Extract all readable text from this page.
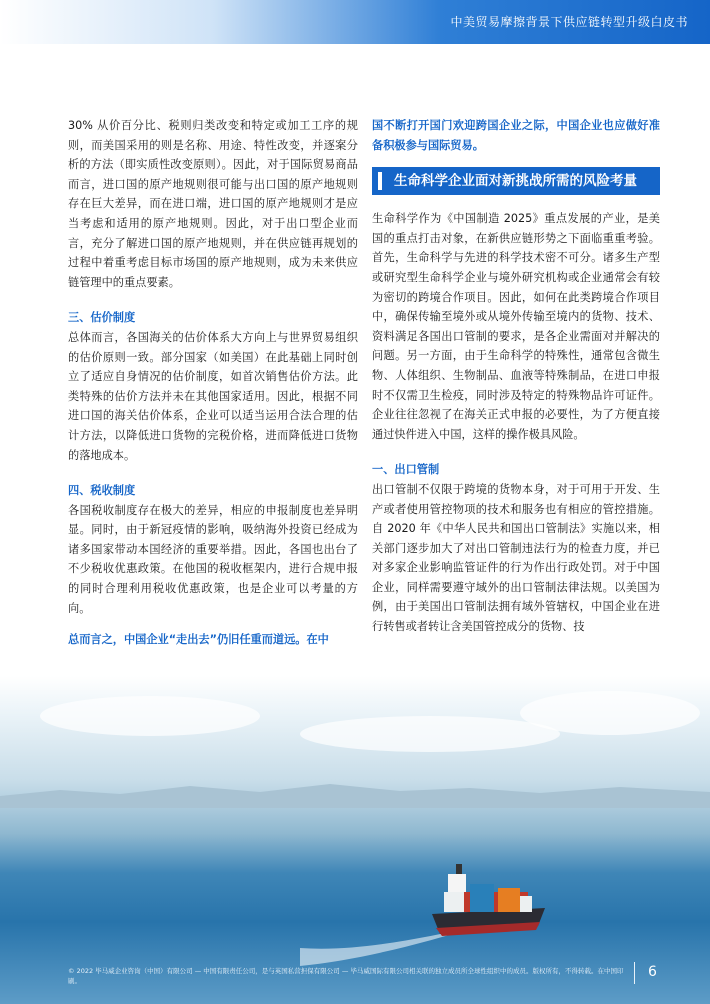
中美贸易摩擦背景下供应链转型升级白皮书

30% 从价百分比、税则归类改变和特定或加工工序的规则，而美国采用的则是名称、用途、特性改变，并逐案分析的方法（即实质性改变原则）。因此，对于国际贸易商品而言，进口国的原产地规则很可能与出口国的原产地规则存在巨大差异，而在进口端，进口国的原产地规则才是应当考虑和适用的原产地规则。因此，对于出口型企业而言，充分了解进口国的原产地规则，并在供应链再规划的过程中着重考虑目标市场国的原产地规则，成为未来供应链管理中的重点要素。

三、估价制度

总体而言，各国海关的估价体系大方向上与世界贸易组织的估价原则一致。部分国家（如美国）在此基础上同时创立了适应自身情况的估价制度，如首次销售估价方法。此类特殊的估价方法并未在其他国家适用。因此，根据不同进口国的海关估价体系，企业可以适当运用合法合理的估计方法，以降低进口货物的完税价格，进而降低进口货物的落地成本。

四、税收制度

各国税收制度存在极大的差异，相应的申报制度也差异明显。同时，由于新冠疫情的影响，吸纳海外投资已经成为诸多国家带动本国经济的重要举措。因此，各国也出台了不少税收优惠政策。在他国的税收框架内，进行合规申报的同时合理利用税收优惠政策，也是企业可以考量的方向。

总而言之，中国企业“走出去”仍旧任重而道远。在中

国不断打开国门欢迎跨国企业之际，中国企业也应做好准备积极参与国际贸易。

生命科学企业面对新挑战所需的风险考量

生命科学作为《中国制造 2025》重点发展的产业，是美国的重点打击对象，在新供应链形势之下面临重重考验。首先，生命科学与先进的科学技术密不可分。诸多生产型或研究型生命科学企业与境外研究机构或企业通常会有较为密切的跨境合作项目。因此，如何在此类跨境合作项目中，确保传输至境外或从境外传输至境内的货物、技术、资料满足各国出口管制的要求，是各企业需面对并解决的问题。另一方面，由于生命科学的特殊性，通常包含微生物、人体组织、生物制品、血液等特殊制品，在进口申报时不仅需卫生检疫，同时涉及特定的特殊物品许可证件。企业往往忽视了在海关正式申报的必要性，为了方便直接通过快件进入中国，这样的操作极具风险。

一、出口管制

出口管制不仅限于跨境的货物本身，对于可用于开发、生产或者使用管控物项的技术和服务也有相应的管控措施。自 2020 年《中华人民共和国出口管制法》实施以来，相关部门逐步加大了对出口管制违法行为的检查力度，并已对多家企业影响监管证件的行为作出行政处罚。对于中国企业，同样需要遵守域外的出口管制法律法规。以美国为例，由于美国出口管制法拥有域外管辖权，中国企业在进行转售或者转让含美国管控成分的货物、技

© 2022 毕马威企业咨询（中国）有限公司 — 中国有限责任公司，是与英国私营担保有限公司 — 毕马威国际有限公司相关联的独立成员所全球性组织中的成员。版权所有，不得转载。在中国印刷。
6
